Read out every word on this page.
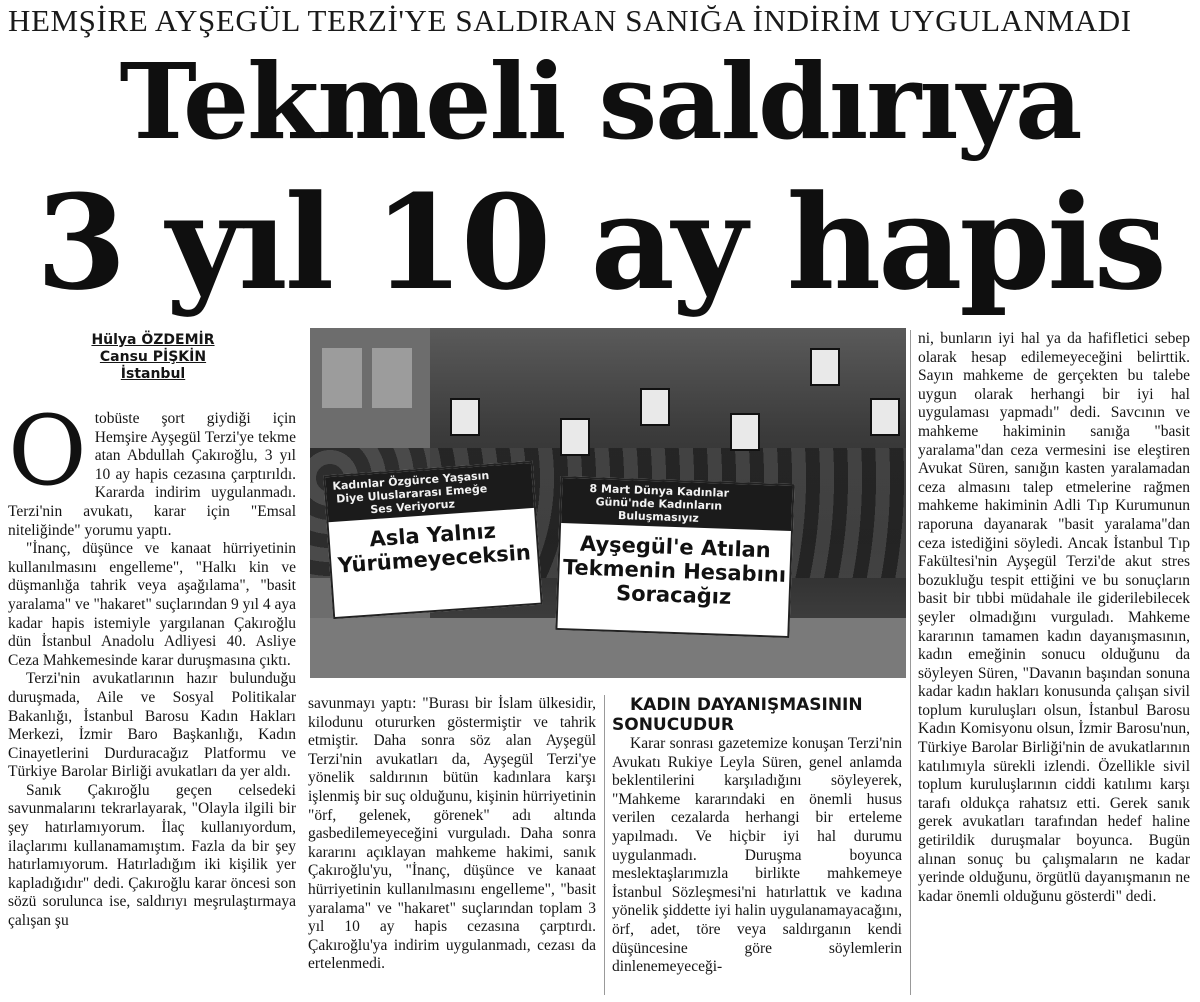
HEMŞİRE AYŞEGÜL TERZİ'YE SALDIRAN SANIĞA İNDİRİM UYGULANMADI
Tekmeli saldırıya
3 yıl 10 ay hapis
Hülya ÖZDEMİR
Cansu PİŞKİN
İstanbul

Otobüste şort giydiği için Hemşire Ayşegül Terzi'ye tekme atan Abdullah Çakıroğlu, 3 yıl 10 ay hapis cezasına çarptırıldı. Kararda indirim uygulanmadı. Terzi'nin avukatı, karar için "Emsal niteliğinde" yorumu yaptı.

"İnanç, düşünce ve kanaat hürriyetinin kullanılmasını engelleme", "Halkı kin ve düşmanlığa tahrik veya aşağılama", "basit yaralama" ve "hakaret" suçlarından 9 yıl 4 aya kadar hapis istemiyle yargılanan Çakıroğlu dün İstanbul Anadolu Adliyesi 40. Asliye Ceza Mahkemesinde karar duruşmasına çıktı.

Terzi'nin avukatlarının hazır bulunduğu duruşmada, Aile ve Sosyal Politikalar Bakanlığı, İstanbul Barosu Kadın Hakları Merkezi, İzmir Baro Başkanlığı, Kadın Cinayetlerini Durduracağız Platformu ve Türkiye Barolar Birliği avukatları da yer aldı.

Sanık Çakıroğlu geçen celsedeki savunmalarını tekrarlayarak, "Olayla ilgili bir şey hatırlamıyorum. İlaç kullanıyordum, ilaçlarımı kullanamamıştım. Fazla da bir şey hatırlamıyorum. Hatırladığım iki kişilik yer kapladığıdır" dedi. Çakıroğlu karar öncesi son sözü sorulunca ise, saldırıyı meşrulaştırmaya çalışan şu

Kadınlar Özgürce Yaşasın Diye Uluslararası Emeğe Ses Veriyoruz
Asla Yalnız Yürümeyeceksin
8 Mart Dünya Kadınlar Günü'nde Kadınların Buluşmasıyız
Ayşegül'e Atılan Tekmenin Hesabını Soracağız

savunmayı yaptı: "Burası bir İslam ülkesidir, kilodunu otururken göstermiştir ve tahrik etmiştir. Daha sonra söz alan Ayşegül Terzi'nin avukatları da, Ayşegül Terzi'ye yönelik saldırının bütün kadınlara karşı işlenmiş bir suç olduğunu, kişinin hürriyetinin "örf, gelenek, görenek" adı altında gasbedilemeyeceğini vurguladı. Daha sonra kararını açıklayan mahkeme hakimi, sanık Çakıroğlu'yu, "İnanç, düşünce ve kanaat hürriyetinin kullanılmasını engelleme", "basit yaralama" ve "hakaret" suçlarından toplam 3 yıl 10 ay hapis cezasına çarptırdı. Çakıroğlu'ya indirim uygulanmadı, cezası da ertelenmedi.

KADIN DAYANIŞMASININ SONUCUDUR

Karar sonrası gazetemize konuşan Terzi'nin Avukatı Rukiye Leyla Süren, genel anlamda beklentilerini karşıladığını söyleyerek, "Mahkeme kararındaki en önemli husus verilen cezalarda herhangi bir erteleme yapılmadı. Ve hiçbir iyi hal durumu uygulanmadı. Duruşma boyunca meslektaşlarımızla birlikte mahkemeye İstanbul Sözleşmesi'ni hatırlattık ve kadına yönelik şiddette iyi halin uygulanamayacağını, örf, adet, töre veya saldırganın kendi düşüncesine göre söylemlerin dinlenemeyeceği-

ni, bunların iyi hal ya da hafifletici sebep olarak hesap edilemeyeceğini belirttik. Sayın mahkeme de gerçekten bu talebe uygun olarak herhangi bir iyi hal uygulaması yapmadı" dedi. Savcının ve mahkeme hakiminin sanığa "basit yaralama"dan ceza vermesini ise eleştiren Avukat Süren, sanığın kasten yaralamadan ceza almasını talep etmelerine rağmen mahkeme hakiminin Adli Tıp Kurumunun raporuna dayanarak "basit yaralama"dan ceza istediğini söyledi. Ancak İstanbul Tıp Fakültesi'nin Ayşegül Terzi'de akut stres bozukluğu tespit ettiğini ve bu sonuçların basit bir tıbbi müdahale ile giderilebilecek şeyler olmadığını vurguladı. Mahkeme kararının tamamen kadın dayanışmasının, kadın emeğinin sonucu olduğunu da söyleyen Süren, "Davanın başından sonuna kadar kadın hakları konusunda çalışan sivil toplum kuruluşları olsun, İstanbul Barosu Kadın Komisyonu olsun, İzmir Barosu'nun, Türkiye Barolar Birliği'nin de avukatlarının katılımıyla sürekli izlendi. Özellikle sivil toplum kuruluşlarının ciddi katılımı karşı tarafı oldukça rahatsız etti. Gerek sanık gerek avukatları tarafından hedef haline getirildik duruşmalar boyunca. Bugün alınan sonuç bu çalışmaların ne kadar yerinde olduğunu, örgütlü dayanışmanın ne kadar önemli olduğunu gösterdi" dedi.
